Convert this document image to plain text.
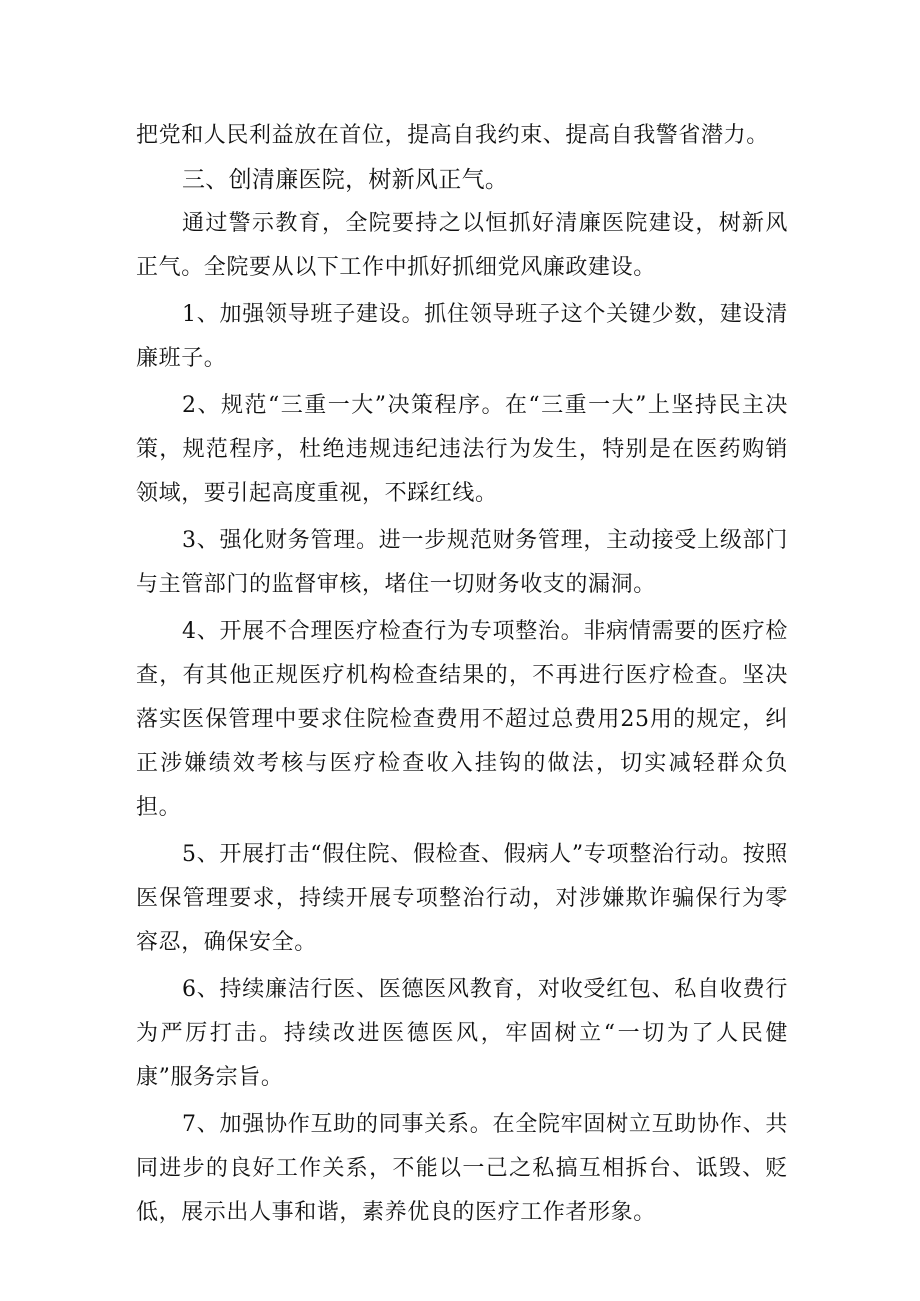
把党和人民利益放在首位，提高自我约束、提高自我警省潜力。

三、创清廉医院，树新风正气。

通过警示教育，全院要持之以恒抓好清廉医院建设，树新风正气。全院要从以下工作中抓好抓细党风廉政建设。

1、加强领导班子建设。抓住领导班子这个关键少数，建设清廉班子。

2、规范“三重一大”决策程序。在“三重一大”上坚持民主决策，规范程序，杜绝违规违纪违法行为发生，特别是在医药购销领域，要引起高度重视，不踩红线。

3、强化财务管理。进一步规范财务管理，主动接受上级部门与主管部门的监督审核，堵住一切财务收支的漏洞。

4、开展不合理医疗检查行为专项整治。非病情需要的医疗检查，有其他正规医疗机构检查结果的，不再进行医疗检查。坚决落实医保管理中要求住院检查费用不超过总费用25用的规定，纠正涉嫌绩效考核与医疗检查收入挂钩的做法，切实减轻群众负担。

5、开展打击“假住院、假检查、假病人”专项整治行动。按照医保管理要求，持续开展专项整治行动，对涉嫌欺诈骗保行为零容忍，确保安全。

6、持续廉洁行医、医德医风教育，对收受红包、私自收费行为严厉打击。持续改进医德医风，牢固树立“一切为了人民健康”服务宗旨。

7、加强协作互助的同事关系。在全院牢固树立互助协作、共同进步的良好工作关系，不能以一己之私搞互相拆台、诋毁、贬低，展示出人事和谐，素养优良的医疗工作者形象。
